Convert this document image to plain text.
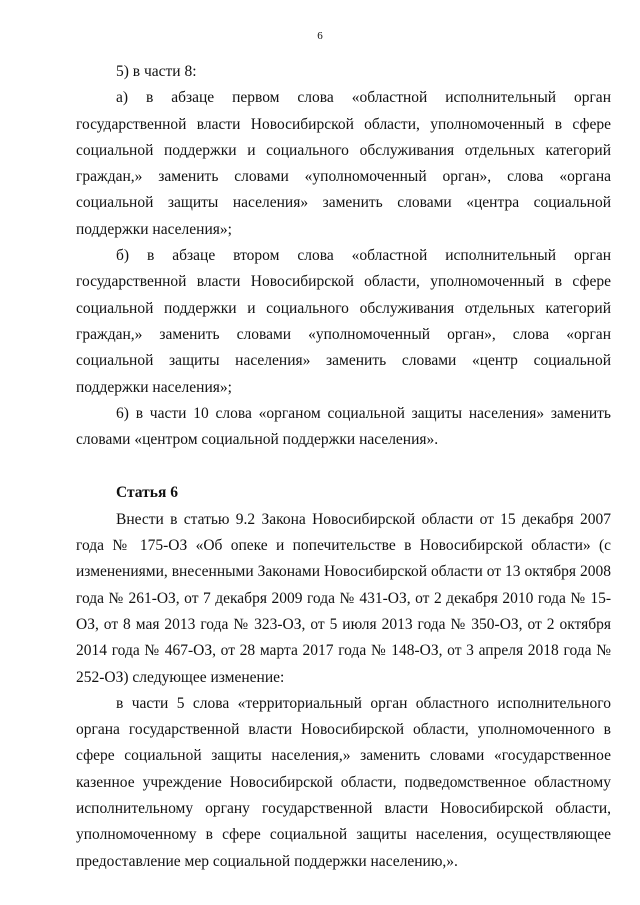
6

5) в части 8:

а) в абзаце первом слова «областной исполнительный орган государственной власти Новосибирской области, уполномоченный в сфере социальной поддержки и социального обслуживания отдельных категорий граждан,» заменить словами «уполномоченный орган», слова «органа социальной защиты населения» заменить словами «центра социальной поддержки населения»;

б) в абзаце втором слова «областной исполнительный орган государственной власти Новосибирской области, уполномоченный в сфере социальной поддержки и социального обслуживания отдельных категорий граждан,» заменить словами «уполномоченный орган», слова «орган социальной защиты населения» заменить словами «центр социальной поддержки населения»;

6) в части 10 слова «органом социальной защиты населения» заменить словами «центром социальной поддержки населения».

Статья 6

Внести в статью 9.2 Закона Новосибирской области от 15 декабря 2007 года № 175-ОЗ «Об опеке и попечительстве в Новосибирской области» (с изменениями, внесенными Законами Новосибирской области от 13 октября 2008 года № 261-ОЗ, от 7 декабря 2009 года № 431-ОЗ, от 2 декабря 2010 года № 15-ОЗ, от 8 мая 2013 года № 323-ОЗ, от 5 июля 2013 года № 350-ОЗ, от 2 октября 2014 года № 467-ОЗ, от 28 марта 2017 года № 148-ОЗ, от 3 апреля 2018 года № 252-ОЗ) следующее изменение:

в части 5 слова «территориальный орган областного исполнительного органа государственной власти Новосибирской области, уполномоченного в сфере социальной защиты населения,» заменить словами «государственное казенное учреждение Новосибирской области, подведомственное областному исполнительному органу государственной власти Новосибирской области, уполномоченному в сфере социальной защиты населения, осуществляющее предоставление мер социальной поддержки населению,».
